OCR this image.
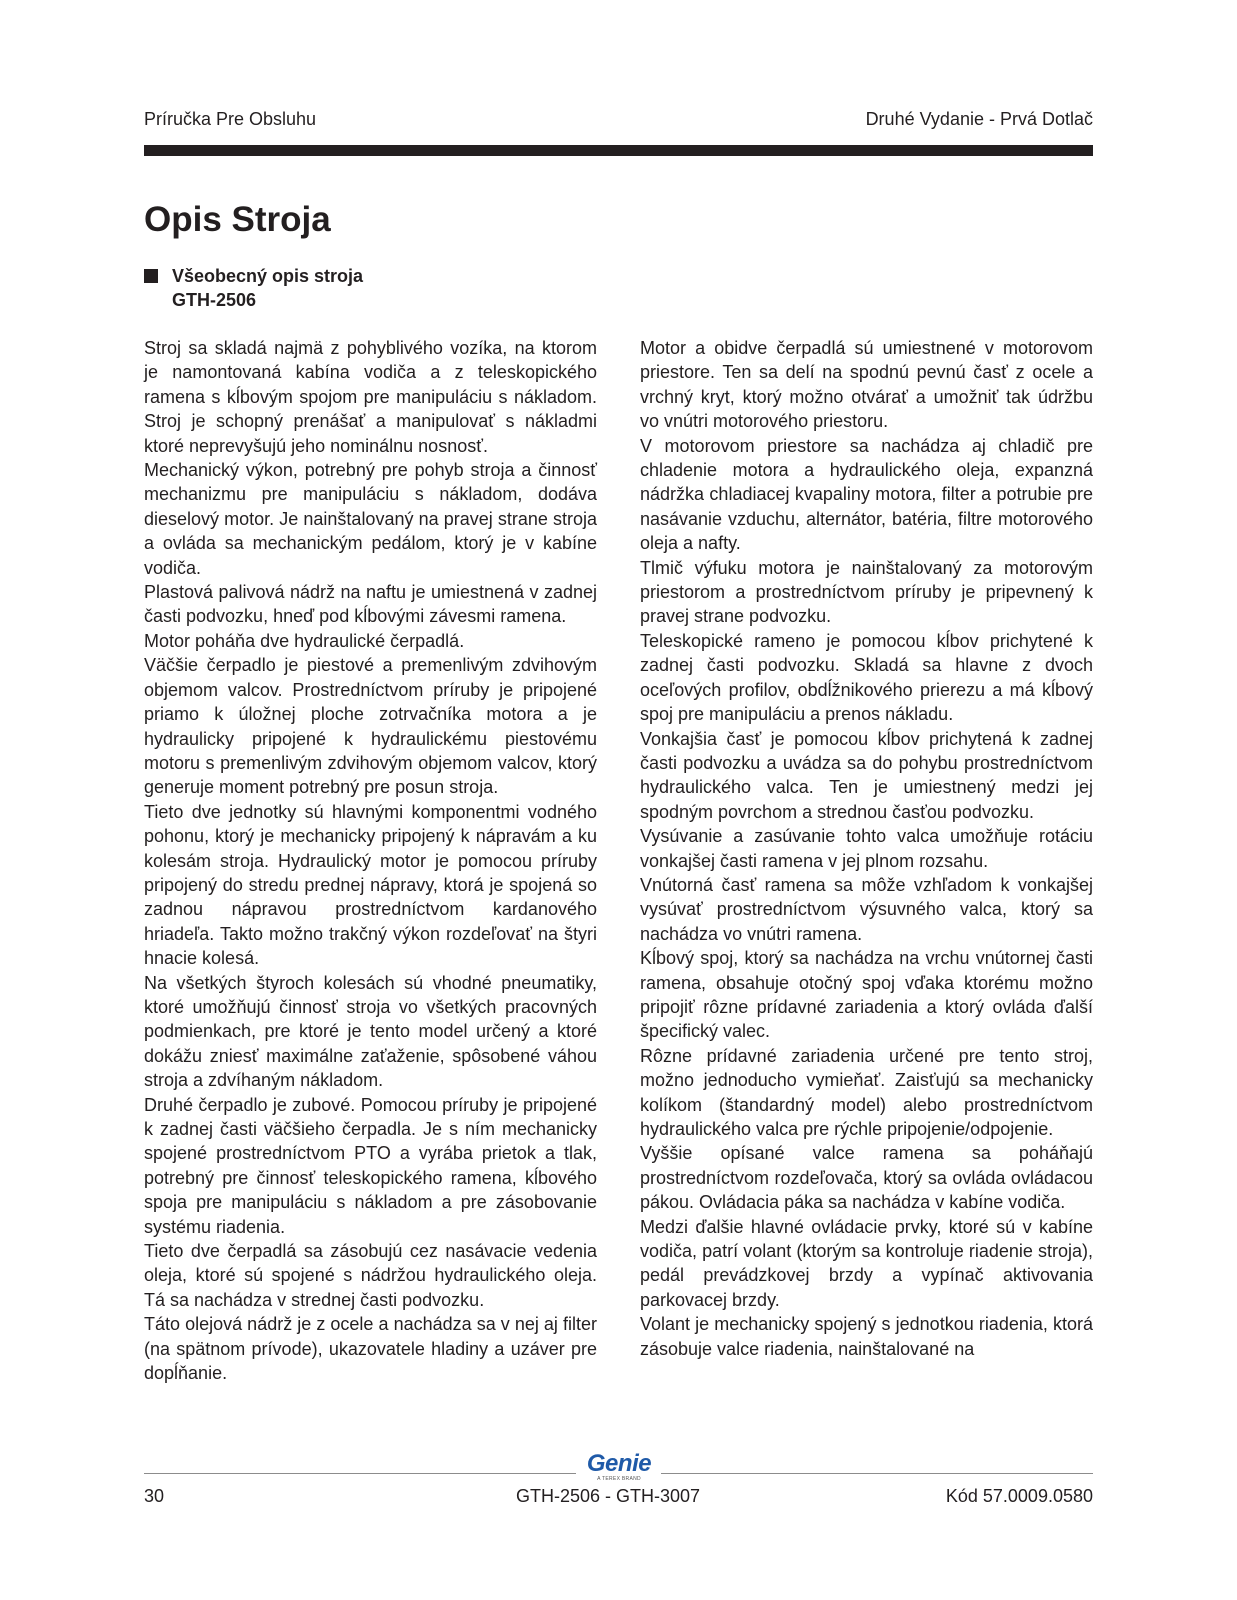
Príručka Pre Obsluhu	Druhé Vydanie - Prvá Dotlač
Opis Stroja
Všeobecný opis stroja
GTH-2506

Stroj sa skladá najmä z pohyblivého vozíka, na ktorom je namontovaná kabína vodiča a z teleskopického ramena s kĺbovým spojom pre manipuláciu s nákladom. Stroj je schopný prenášať a manipulovať s nákladmi ktoré neprevyšujú jeho nominálnu nosnosť.

Mechanický výkon, potrebný pre pohyb stroja a činnosť mechanizmu pre manipuláciu s nákladom, dodáva dieselový motor. Je nainštalovaný na pravej strane stroja a ovláda sa mechanickým pedálom, ktorý je v kabíne vodiča.

Plastová palivová nádrž na naftu je umiestnená v zadnej časti podvozku, hneď pod kĺbovými závesmi ramena.

Motor poháňa dve hydraulické čerpadlá.

Väčšie čerpadlo je piestové a premenlivým zdvihovým objemom valcov. Prostredníctvom príruby je pripojené priamo k úložnej ploche zotrvačníka motora a je hydraulicky pripojené k hydraulickému piestovému motoru s premenlivým zdvihovým objemom valcov, ktorý generuje moment potrebný pre posun stroja.

Tieto dve jednotky sú hlavnými komponentmi vodného pohonu, ktorý je mechanicky pripojený k nápravám a ku kolesám stroja. Hydraulický motor je pomocou príruby pripojený do stredu prednej nápravy, ktorá je spojená so zadnou nápravou prostredníctvom kardanového hriadeľa. Takto možno trakčný výkon rozdeľovať na štyri hnacie kolesá.

Na všetkých štyroch kolesách sú vhodné pneumatiky, ktoré umožňujú činnosť stroja vo všetkých pracovných podmienkach, pre ktoré je tento model určený a ktoré dokážu zniesť maximálne zaťaženie, spôsobené váhou stroja a zdvíhaným nákladom.

Druhé čerpadlo je zubové. Pomocou príruby je pripojené k zadnej časti väčšieho čerpadla. Je s ním mechanicky spojené prostredníctvom PTO a vyrába prietok a tlak, potrebný pre činnosť teleskopického ramena, kĺbového spoja pre manipuláciu s nákladom a pre zásobovanie systému riadenia.

Tieto dve čerpadlá sa zásobujú cez nasávacie vedenia oleja, ktoré sú spojené s nádržou hydraulického oleja. Tá sa nachádza v strednej časti podvozku.

Táto olejová nádrž je z ocele a nachádza sa v nej aj filter (na spätnom prívode), ukazovatele hladiny a uzáver pre dopĺňanie.

Motor a obidve čerpadlá sú umiestnené v motorovom priestore. Ten sa delí na spodnú pevnú časť z ocele a vrchný kryt, ktorý možno otvárať a umožniť tak údržbu vo vnútri motorového priestoru.

V motorovom priestore sa nachádza aj chladič pre chladenie motora a hydraulického oleja, expanzná nádržka chladiacej kvapaliny motora, filter a potrubie pre nasávanie vzduchu, alternátor, batéria, filtre motorového oleja a nafty.

Tlmič výfuku motora je nainštalovaný za motorovým priestorom a prostredníctvom príruby je pripevnený k pravej strane podvozku.

Teleskopické rameno je pomocou kĺbov prichytené k zadnej časti podvozku. Skladá sa hlavne z dvoch oceľových profilov, obdĺžnikového prierezu a má kĺbový spoj pre manipuláciu a prenos nákladu.

Vonkajšia časť je pomocou kĺbov prichytená k zadnej časti podvozku a uvádza sa do pohybu prostredníctvom hydraulického valca. Ten je umiestnený medzi jej spodným povrchom a strednou časťou podvozku.

Vysúvanie a zasúvanie tohto valca umožňuje rotáciu vonkajšej časti ramena v jej plnom rozsahu.

Vnútorná časť ramena sa môže vzhľadom k vonkajšej vysúvať prostredníctvom výsuvného valca, ktorý sa nachádza vo vnútri ramena.

Kĺbový spoj, ktorý sa nachádza na vrchu vnútornej časti ramena, obsahuje otočný spoj vďaka ktorému možno pripojiť rôzne prídavné zariadenia a ktorý ovláda ďalší špecifický valec.

Rôzne prídavné zariadenia určené pre tento stroj, možno jednoducho vymieňať. Zaisťujú sa mechanicky kolíkom (štandardný model) alebo prostredníctvom hydraulického valca pre rýchle pripojenie/odpojenie.

Vyššie opísané valce ramena sa poháňajú prostredníctvom rozdeľovača, ktorý sa ovláda ovládacou pákou. Ovládacia páka sa nachádza v kabíne vodiča.

Medzi ďalšie hlavné ovládacie prvky, ktoré sú v kabíne vodiča, patrí volant (ktorým sa kontroluje riadenie stroja), pedál prevádzkovej brzdy a vypínač aktivovania parkovacej brzdy.

Volant je mechanicky spojený s jednotkou riadenia, ktorá zásobuje valce riadenia, nainštalované na

Genie
A TEREX BRAND
30	GTH-2506 - GTH-3007	Kód 57.0009.0580
